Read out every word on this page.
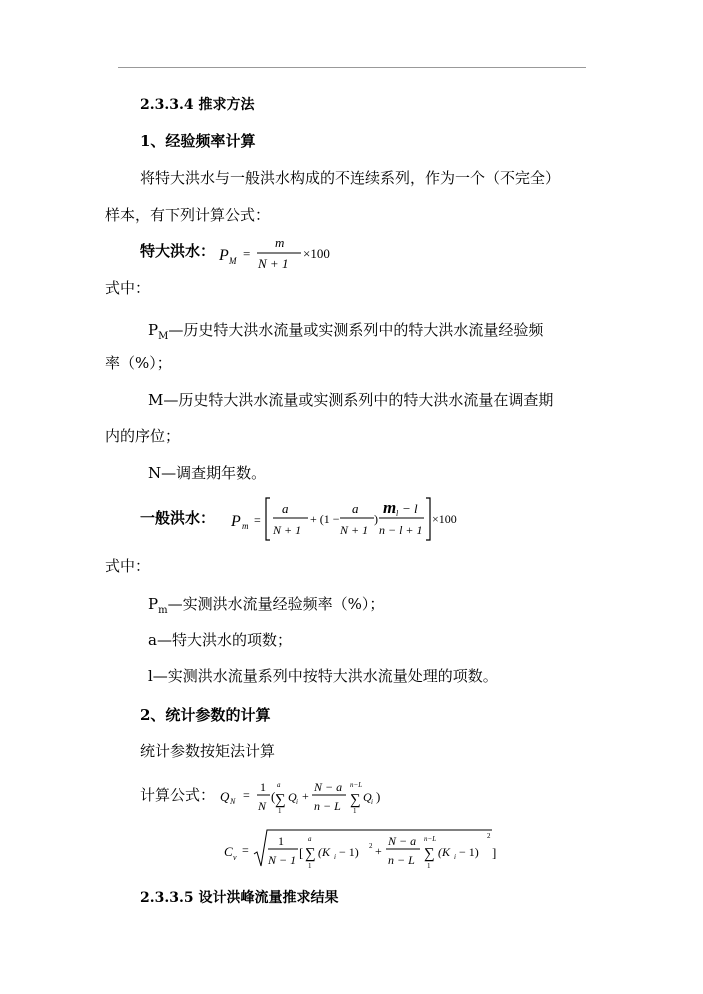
2.3.3.4 推求方法
1、经验频率计算
将特大洪水与一般洪水构成的不连续系列，作为一个（不完全）
样本，有下列计算公式：
特大洪水： P M =
m
N + 1
×100
式中：
$P_M—$历史特大洪水流量或实测系列中的特大洪水流量经验频
率（%）；
M—历史特大洪水流量或实测系列中的特大洪水流量在调查期
内的序位；
N—调查期年数。
一般洪水： P m =
a
N + 1
+ (1 −
a
N + 1
)
m l − l
n − l + 1
×100
式中：
$P_m—$实测洪水流量经验频率（%）；
a—特大洪水的项数；
l—实测洪水流量系列中按特大洪水流量处理的项数。
2、统计参数的计算
统计参数按矩法计算
计算公式： Q N =
1
N
(
a
∑
1
Q i +
N − a
n − L
n−L
∑
1
Q i )
C v
=
1
N − 1 [
a
∑
1
(K i − 1) 2 +
N − a
n − L
n−L
∑
1
(K i − 1)
2
]
2.3.3.5 设计洪峰流量推求结果
